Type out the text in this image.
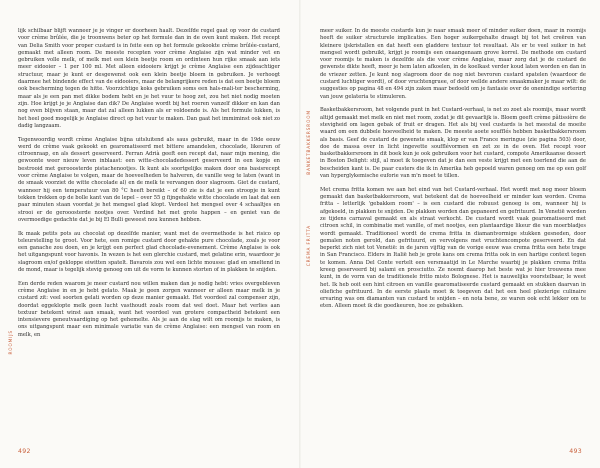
lijk schilbaar blijft wanneer je je vinger er doorheen haalt. Dezelfde regel gaat op voor de custard voor crème brûlée, die je troonwens beter op het formule dan in de oven kunt maken. Het recept van Delia Smith voor proper custard is in feite een op het formule gekookte crème brûlée-custard, gemaakt met alleen room. De meeste recepten voor crème Anglaise zijn wat minder vet en gebruiken volle melk, of melk met een klein beetje room en ordinteen hun rijke smaak aan iets meer eidooier – 1 per 100 ml. Met alleen eidooiers krijgt je crème Anglaise een zijdeachtiger structuur, maar je kunt er desgewenst ook een klein beetje bloem in gebruiken. Je verhoogt daarmee het bindende effect van de eidooiers, maar de belangrijkere reden is dat een beetje bloem ook bescherming tegen de hitte. Voorzichtige koks gebruiken soms een hals-mali-ter bescherming, maar als je een pan met dikke bodem hebt en je het vuur te hoog zet, zou het niet nodig moeten zijn. Hoe krijgt je je Anglaise dan dik? De Anglaise wordt bij het roeren vanzelf dikker en kan dan nog even blijven staan, maar dat zal alleen lukken als er voldoende is. Als het formule lukken, is het heel goed mogelijk je Anglaise direct op het vuur te maken. Dan gaat het immiminst ook niet zo dadig langzaam.

Tegenwoordig wordt crème Anglaise bijna uitsluitend als saus gebruikt, maar in de 19de eeuw werd de crème vaak gekookt en gearomatiseerd met bittere amandelen, chocolade, likeuren of citroenraap, en als dessert geserveerd. Ferran Adrià geeft een recept dat, naar mijn mening, die gewoonte weer nieuw leven inblaast: een witte-chocoladedessert geserveerd in een kopje en bestrooid met gerooosterde pistachenootjes. Ik kunt als soortgelijks maken door ons basisrecept voor crème Anglaise te volgen, maar de hoeveelheden te halveren, de vanille weg te laten (want in de smaak voorziet de witte chocolade al) en de melk te vervangen door slagroom. Giet de custard, wanneer hij een temperatuur van 80 °C heeft bereikt – of 60 zie is dat je een stroopje in kunt tekken trekken op de bolle kant van de lepel – over 55 g fijngehakte witte chocolade en laat dat een paar minuten staan voordat je het mengsel glad klopt. Verdeel het mengsel over 4 schaaltjes en strooi er de gerooosterde nootjes over. Verdind het met grote happen – en geniet van de overmoedige gedachte dat je bij El Bulli geweest nou kunnen hebben.

Ik maak petits pots au chocolat op dezelfde manier, want met de overmethode is het risico op teleurstelling te groot. Voor hete, een romige custard door gehakte pure chocolade, zoals je voor een ganache zou doen, en je krijgt een perfect glad chocolade-evenement. Crème Anglaise is ook het uitgangspunt voor havonis. In wezen is het een glerchie custard, met gelatine erin, waardoor je slagroom en/of gekloppe eiwitten spatelt. Bavarois zou wel een lichte mousse: glad en smeltend in de mond, maar is tegelijk stevig genoeg om uit de vorm te kunnen storten of in plakken te snijden.

Een derde reden waarom je meer custard nou willen maken dan je nodig hebt: vries overgebleven crème Anglaise in en je hebt gelato. Maak je geen zorgen wanneer er alleen maar melk in je custard zit: veel soorten gelati worden op deze manier gemaakt. Het voordeel zal compenser zijn, doordat eggeklopte melk geen lucht vasthoudt zoals room dat wel doet. Maar het verlies aan textuur betekent winst aan smaak, want het voordeel van grotere compactheid betekent een intensievere geneutvaardiging op het gehemelte. Als je aan de slag wilt om roomijs te maken, is ons uitgangspunt maar een minimale variatie van de crème Anglaise: een mengsel van room en melk, en

ROOMIJS
492

meer suiker. In de meeste custards kun je naar smaak meer of minder suiker doen, maar in roomijs heeft de suiker structurele implicaties. Een hoger suikergehalte draagt bij tot het creëren van kleinere ijskristallen en dat heeft een gladdere textuur tot resultaat. Als er te veel suiker in het mengsel wordt gebruikt, krijgt je roomijs een onaangenaam grove korrel. De methode om custard voor roomijs te maken is dezelfde als die voor crème Anglaise, maar zorg dat je de custard de gewenste dikte heeft, meer je hem laten afkoelen, in de koelkast verder koud laten worden en dan in de vriezer zetten. Je kunt nog slagroom door de nog niet bevroren custard spatelen (waardoor de custard luchtiger wordt), of door vruchtengruee, of door wellde andere smaakmaker je maar wilt: de suggesties op pagina 48 en 494 zijn zaken maar bedoeld om je fantasie over de onenindige sortering van jouw gelateria te stimuleren.

Basketbakkersroom, het volgende punt in het Custard-verhaal, is net zo zoet als roomijs, maar wordt altijd gemaakt met melk en niet met room, zodat je dit gevaarlijk is. Bloem geeft crème pâtissière de stevigheid om lagen gebak of fruit er dragen. Het als bij veel custards is het meestal de moeite waard om een dubbele hoeveelheid te maken. De meeste aoete soufflés hebben basketbakkersroom als basis. Geef de custard de gewenste smaak, klop er van France meringue (zie pagina 503) door, doe de massa over in licht ingevette soufflévormen en zet ze in de oven. Het recept voor basketbakkersroom in dit boek kun je ook gebruiken voor het custard, compote Amerikaanse dessert in Boston Delight: stijl, al moet ik toegeven dat je dan een veste krijgt met een toerlend die aan de bescheiden kant is. De paar custers die ik in Amerika heb gepoeld waren genoeg om me op een golf van hyperglykemische euforie van m'n moet te tillen.

Met crema fritta komen we aan het eind van het Custard-verhaal. Het wordt met nog meer bloem gemaakt dan basketbakkersroom, wat betekent dat de hoeveelheid er minder kan worden. Crema fritta – letterlijk 'gebakken room' – is een custard die robuust genoeg is om, wanneer hij is afgekoeld, in plakken te snijden. De plakken worden dan gepaneerd en gefrituurd. In Venetië worden ze tijdens carnaval gemaakt en als straat verkocht. De custard wordt vaak gearomatiseerd met citroen schil, in combinatie met vanille, of met nootjes, een plantaardige likeur die van moerbladjes wordt gemaakt. Traditioneel wordt de crema fritta in diamantvormige stukken gesneden, door gemalen noten gerold, dan gefrituurd, en vervolgens met vruchtencompote geserveerd. En dat beperkt zich niet tot Venetië: in de jaren vijftig van de vorige eeuw was crema fritta een hete trage in San Francisco. Elders in Italië heb je grote kans om crema fritta ook in een hartige context tegen te komen. Anna Del Conte vertelt een versmaatijd in Le Marche waarbij je plakken crema fritta kreeg geserveerd bij salami en prosciutto. Ze noemt daarop het beste wat je hier trouwens mee kunt, in de vorm van de traditionele fritto misto Bolognese. Het is nauwelijks voorstelbaar, le weet het. Ik heb ooit een hint citroen en vanille gearomatiseerde custard gemaakt en stukken daarvan in oliefiche gefrituurd. In de eerste plaats moet ik toegeven dat het een heel plezierige culinaire ervaring was om diamanten van custard te snijden – en nota bene, ze waren ook echt lekker om te eten. Alleen moet ik die goedkeuren, hoe ze gebakken.

BANKETBAKKERSROOM
CREMA FRITTA
493
